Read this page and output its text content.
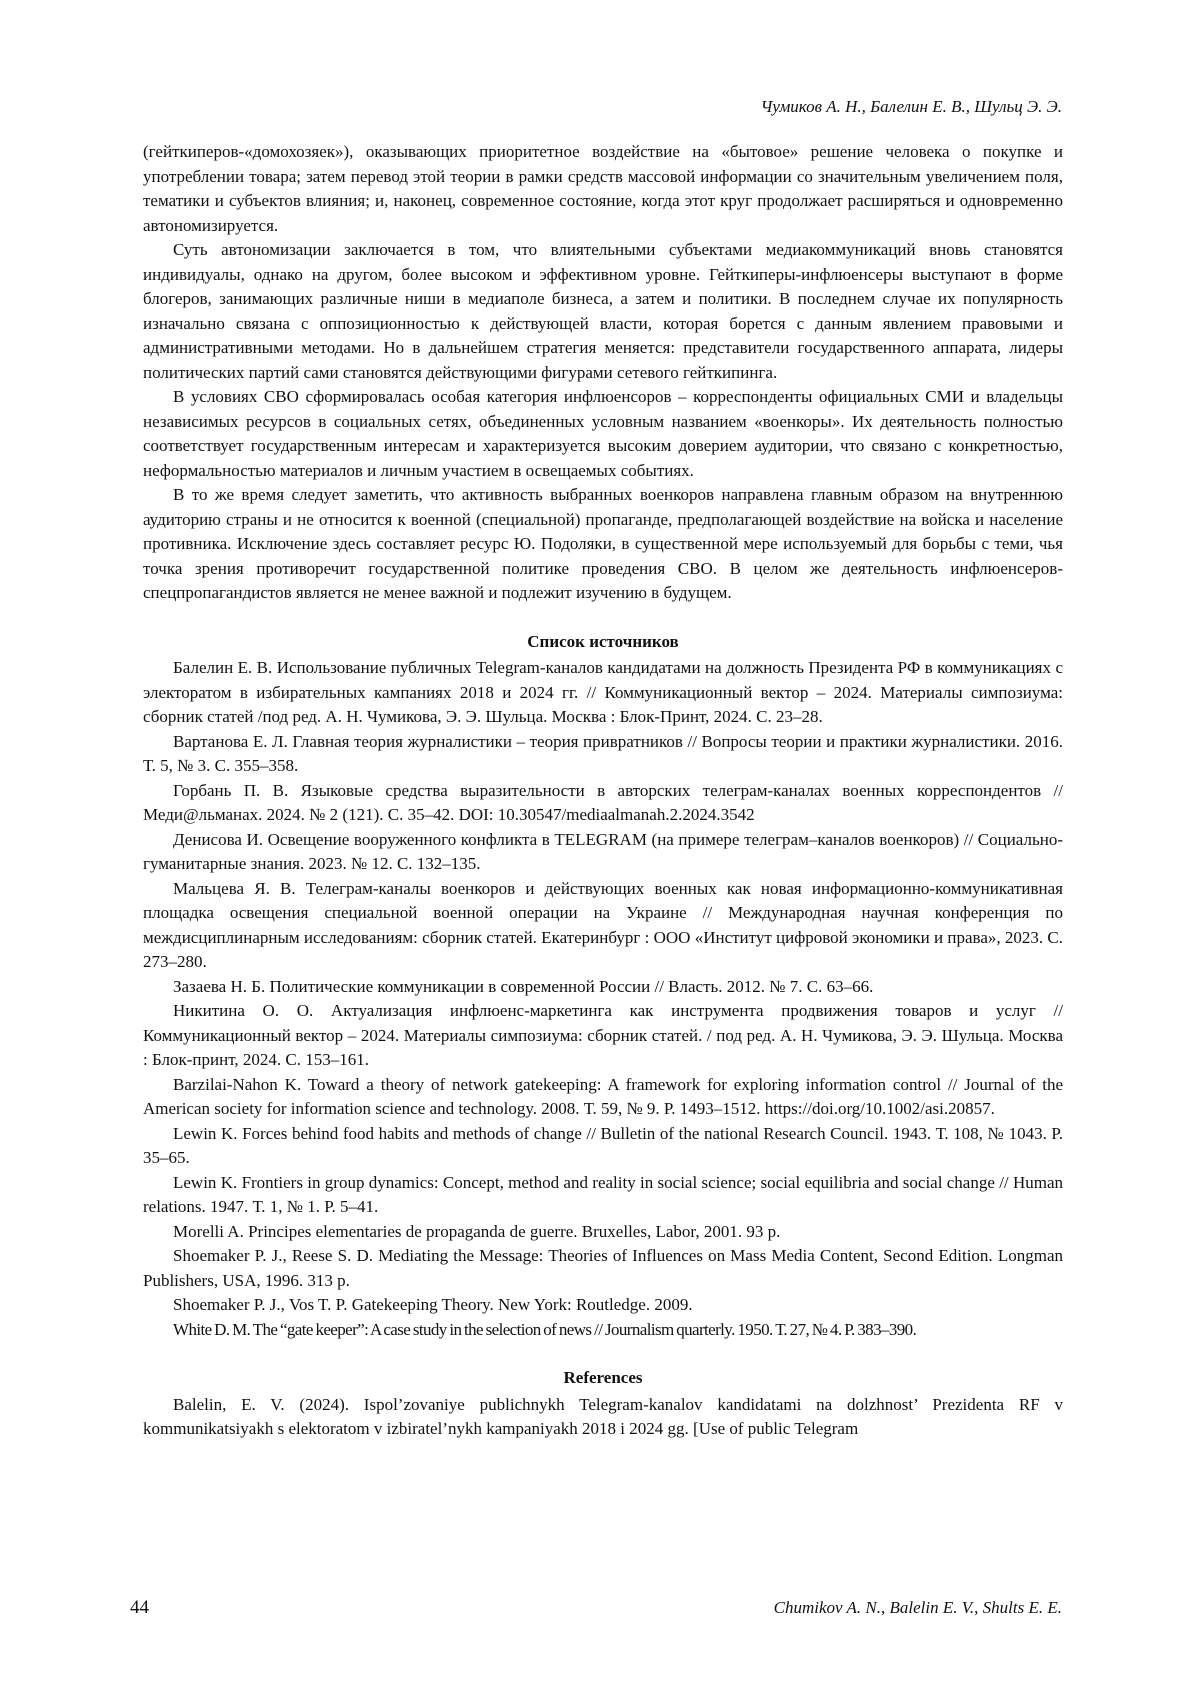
Чумиков А. Н., Балелин Е. В., Шульц Э. Э.

(гейткиперов-«домохозяек»), оказывающих приоритетное воздействие на «бытовое» решение человека о покупке и употреблении товара; затем перевод этой теории в рамки средств массовой информации со значительным увеличением поля, тематики и субъектов влияния; и, наконец, современное состояние, когда этот круг продолжает расширяться и одновременно автономизируется.

Суть автономизации заключается в том, что влиятельными субъектами медиакоммуникаций вновь становятся индивидуалы, однако на другом, более высоком и эффективном уровне. Гейткиперы-инфлюенсеры выступают в форме блогеров, занимающих различные ниши в медиаполе бизнеса, а затем и политики. В последнем случае их популярность изначально связана с оппозиционностью к действующей власти, которая борется с данным явлением правовыми и административными методами. Но в дальнейшем стратегия меняется: представители государственного аппарата, лидеры политических партий сами становятся действующими фигурами сетевого гейткипинга.

В условиях СВО сформировалась особая категория инфлюенсоров – корреспонденты официальных СМИ и владельцы независимых ресурсов в социальных сетях, объединенных условным названием «военкоры». Их деятельность полностью соответствует государственным интересам и характеризуется высоким доверием аудитории, что связано с конкретностью, неформальностью материалов и личным участием в освещаемых событиях.

В то же время следует заметить, что активность выбранных военкоров направлена главным образом на внутреннюю аудиторию страны и не относится к военной (специальной) пропаганде, предполагающей воздействие на войска и население противника. Исключение здесь составляет ресурс Ю. Подоляки, в существенной мере используемый для борьбы с теми, чья точка зрения противоречит государственной политике проведения СВО. В целом же деятельность инфлюенсеров-спецпропагандистов является не менее важной и подлежит изучению в будущем.

Список источников

Балелин Е. В. Использование публичных Telegram-каналов кандидатами на должность Президента РФ в коммуникациях с электоратом в избирательных кампаниях 2018 и 2024 гг. // Коммуникационный вектор – 2024. Материалы симпозиума: сборник статей /под ред. А. Н. Чумикова, Э. Э. Шульца. Москва : Блок-Принт, 2024. С. 23–28.

Вартанова Е. Л. Главная теория журналистики – теория привратников // Вопросы теории и практики журналистики. 2016. Т. 5, № 3. С. 355–358.

Горбань П. В. Языковые средства выразительности в авторских телеграм-каналах военных корреспондентов // Меди@льманах. 2024. № 2 (121). С. 35–42. DOI: 10.30547/mediaalmanah.2.2024.3542

Денисова И. Освещение вооруженного конфликта в TELEGRAM (на примере телеграм–каналов военкоров) // Социально-гуманитарные знания. 2023. № 12. С. 132–135.

Мальцева Я. В. Телеграм-каналы военкоров и действующих военных как новая информационно-коммуникативная площадка освещения специальной военной операции на Украине // Международная научная конференция по междисциплинарным исследованиям: сборник статей. Екатеринбург : ООО «Институт цифровой экономики и права», 2023. С. 273–280.

Зазаева Н. Б. Политические коммуникации в современной России // Власть. 2012. № 7. С. 63–66.

Никитина О. О. Актуализация инфлюенс-маркетинга как инструмента продвижения товаров и услуг // Коммуникационный вектор – 2024. Материалы симпозиума: сборник статей. / под ред. А. Н. Чумикова, Э. Э. Шульца. Москва : Блок-принт, 2024. С. 153–161.

Barzilai-Nahon K. Toward a theory of network gatekeeping: A framework for exploring information control // Journal of the American society for information science and technology. 2008. Т. 59, № 9. Р. 1493–1512. https://doi.org/10.1002/asi.20857.

Lewin K. Forces behind food habits and methods of change // Bulletin of the national Research Council. 1943. Т. 108, № 1043. Р. 35–65.

Lewin K. Frontiers in group dynamics: Concept, method and reality in social science; social equilibria and social change // Human relations. 1947. Т. 1, № 1. Р. 5–41.

Morelli A. Principes elementaries de propaganda de guerre. Bruxelles, Labor, 2001. 93 p.

Shoemaker P. J., Reese S. D. Mediating the Message: Theories of Influences on Mass Media Content, Second Edition. Longman Publishers, USA, 1996. 313 p.

Shoemaker P. J., Vos T. P. Gatekeeping Theory. New York: Routledge. 2009.

White D. M. The “gate keeper”: A case study in the selection of news // Journalism quarterly. 1950. Т. 27, № 4. Р. 383–390.

References

Balelin, E. V. (2024). Ispol’zovaniye publichnykh Telegram-kanalov kandidatami na dolzhnost’ Prezidenta RF v kommunikatsiyakh s elektoratom v izbiratel’nykh kampaniyakh 2018 i 2024 gg. [Use of public Telegram

44	Chumikov A. N., Balelin E. V., Shults E. E.
